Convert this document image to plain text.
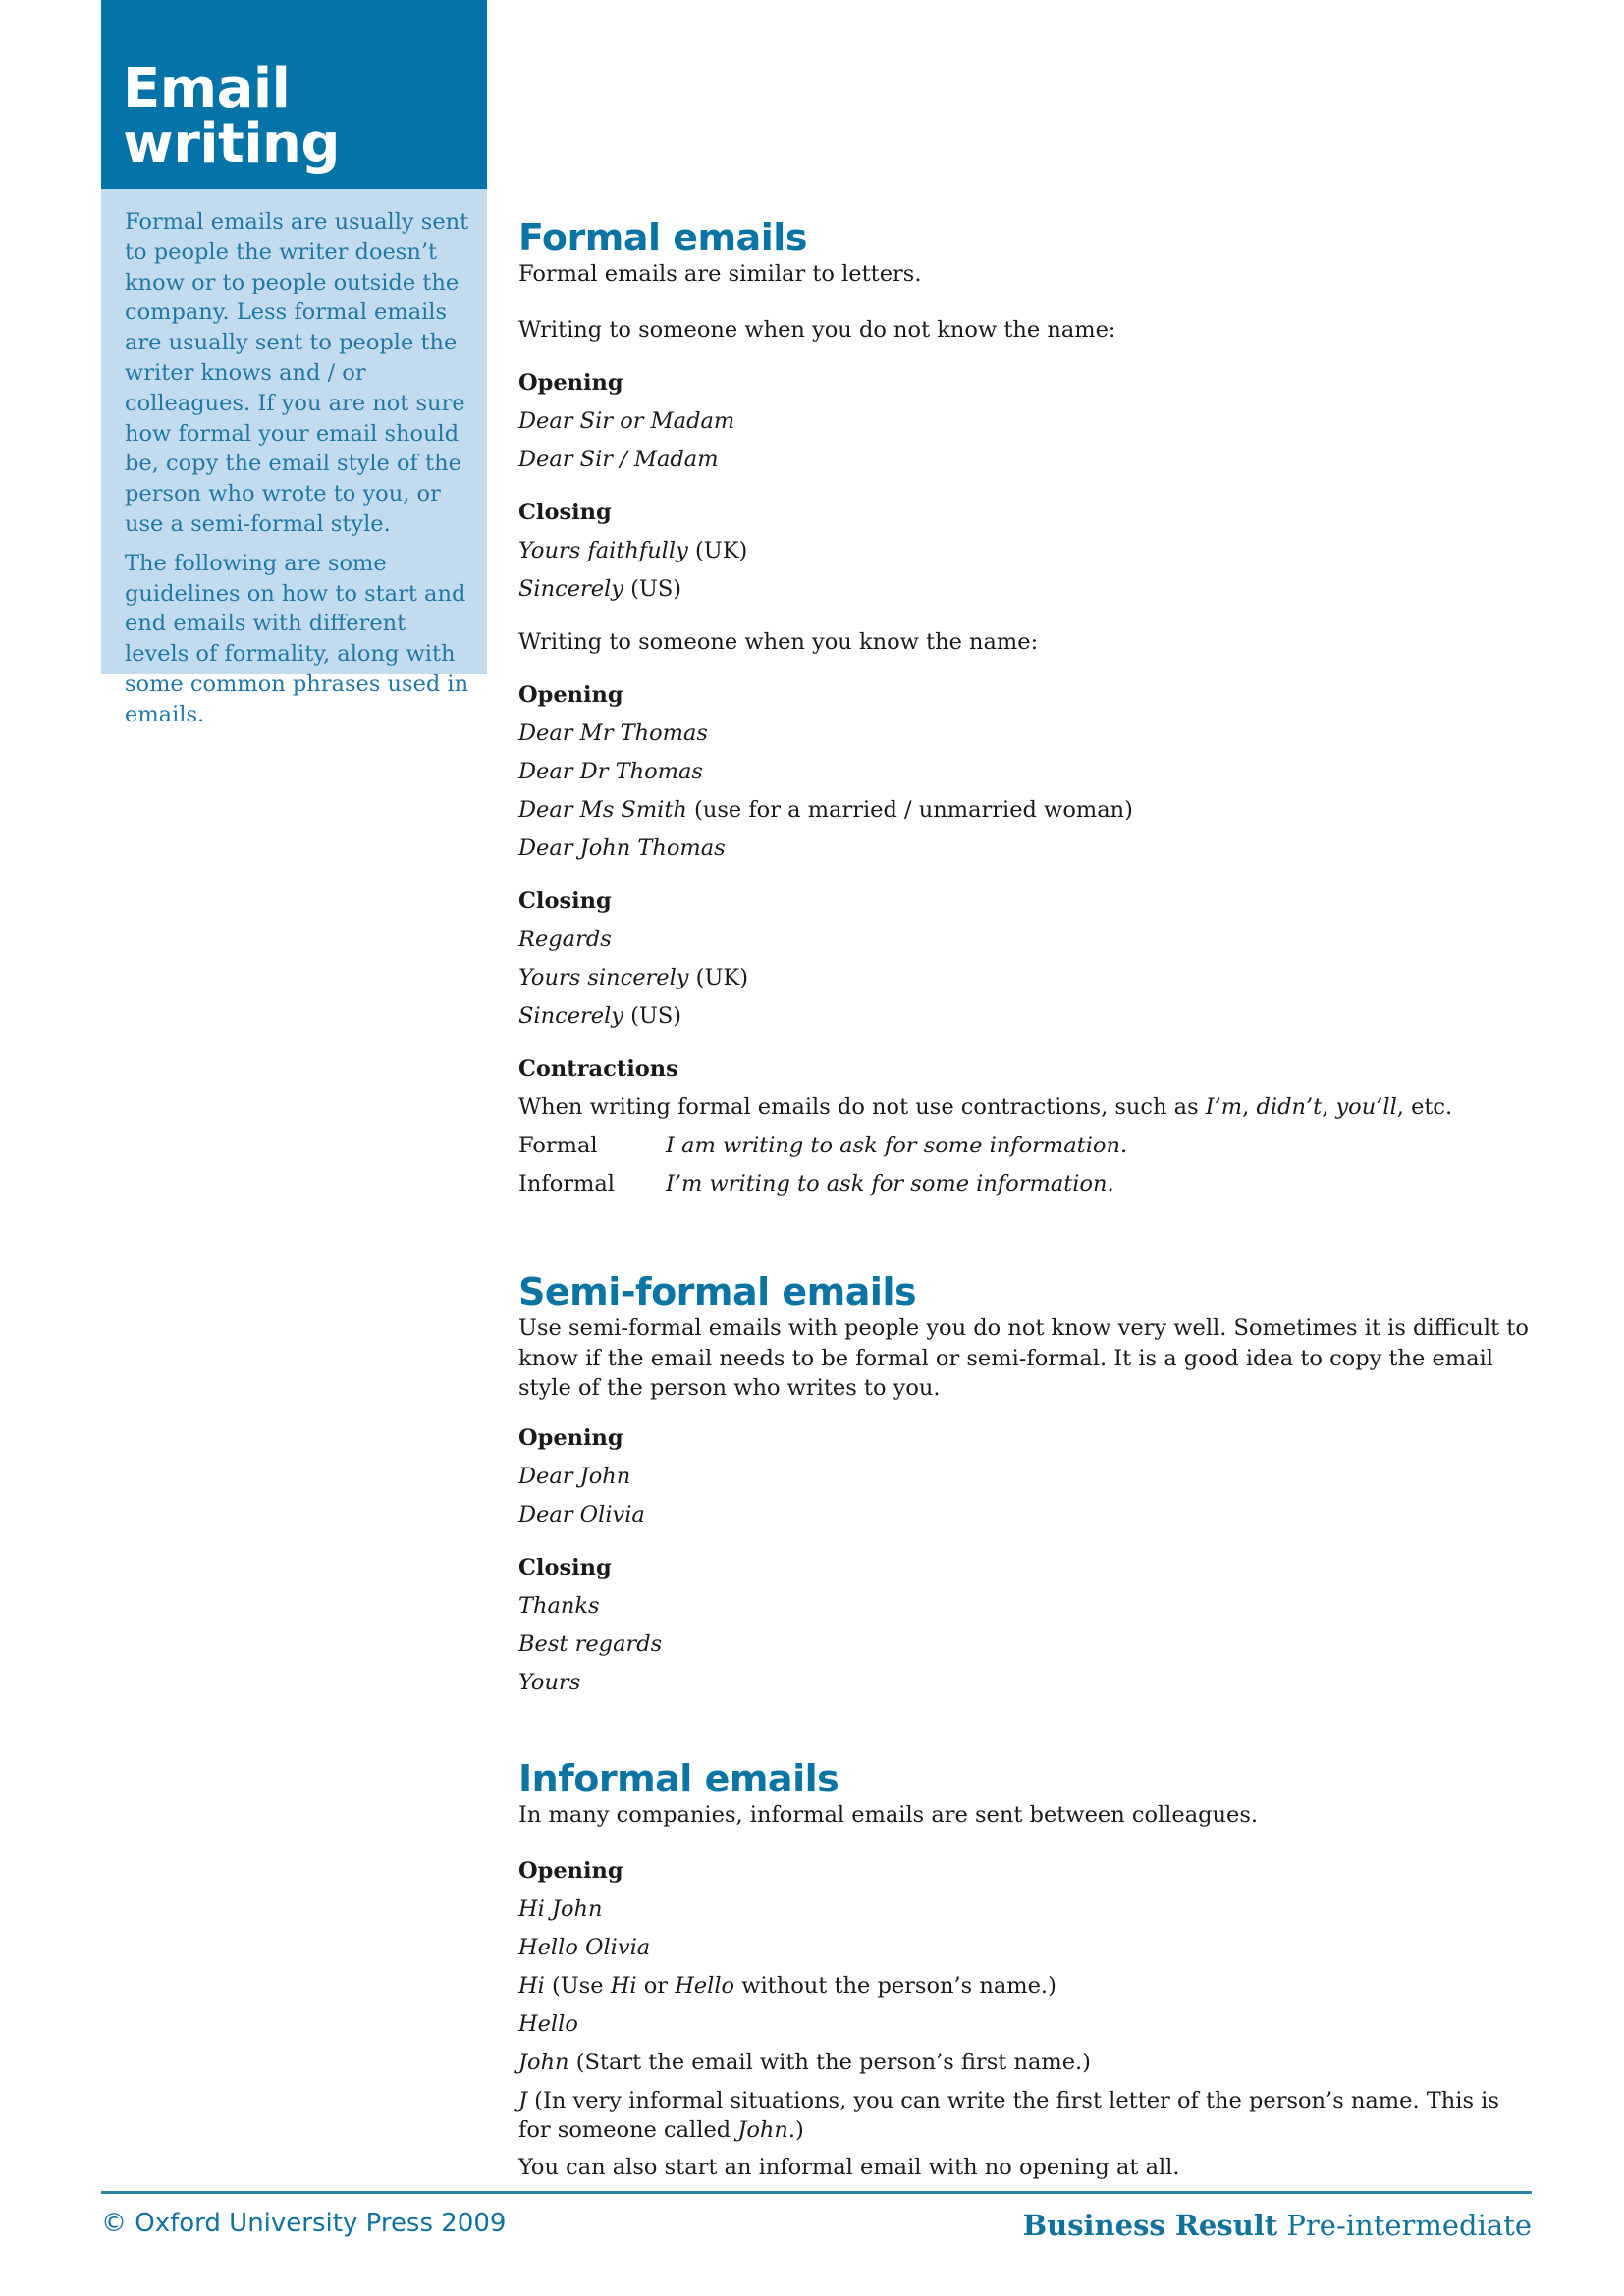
Email writing

Formal emails are usually sent to people the writer doesn’t know or to people outside the company. Less formal emails are usually sent to people the writer knows and / or colleagues. If you are not sure how formal your email should be, copy the email style of the person who wrote to you, or use a semi-formal style.

The following are some guidelines on how to start and end emails with different levels of formality, along with some common phrases used in emails.

Formal emails

Formal emails are similar to letters.

Writing to someone when you do not know the name:

Opening

Dear Sir or Madam

Dear Sir / Madam

Closing

Yours faithfully (UK)

Sincerely (US)

Writing to someone when you know the name:

Opening

Dear Mr Thomas

Dear Dr Thomas

Dear Ms Smith (use for a married / unmarried woman)

Dear John Thomas

Closing

Regards

Yours sincerely (UK)

Sincerely (US)

Contractions

When writing formal emails do not use contractions, such as I’m, didn’t, you’ll, etc.

Formal	I am writing to ask for some information.
Informal	I’m writing to ask for some information.
Semi-formal emails

Use semi-formal emails with people you do not know very well. Sometimes it is difficult to know if the email needs to be formal or semi-formal. It is a good idea to copy the email style of the person who writes to you.

Opening

Dear John

Dear Olivia

Closing

Thanks

Best regards

Yours

Informal emails

In many companies, informal emails are sent between colleagues.

Opening

Hi John

Hello Olivia

Hi (Use Hi or Hello without the person’s name.)

Hello

John (Start the email with the person’s first name.)

J (In very informal situations, you can write the first letter of the person’s name. This is for someone called John.)

You can also start an informal email with no opening at all.

© Oxford University Press 2009	Business Result Pre-intermediate
